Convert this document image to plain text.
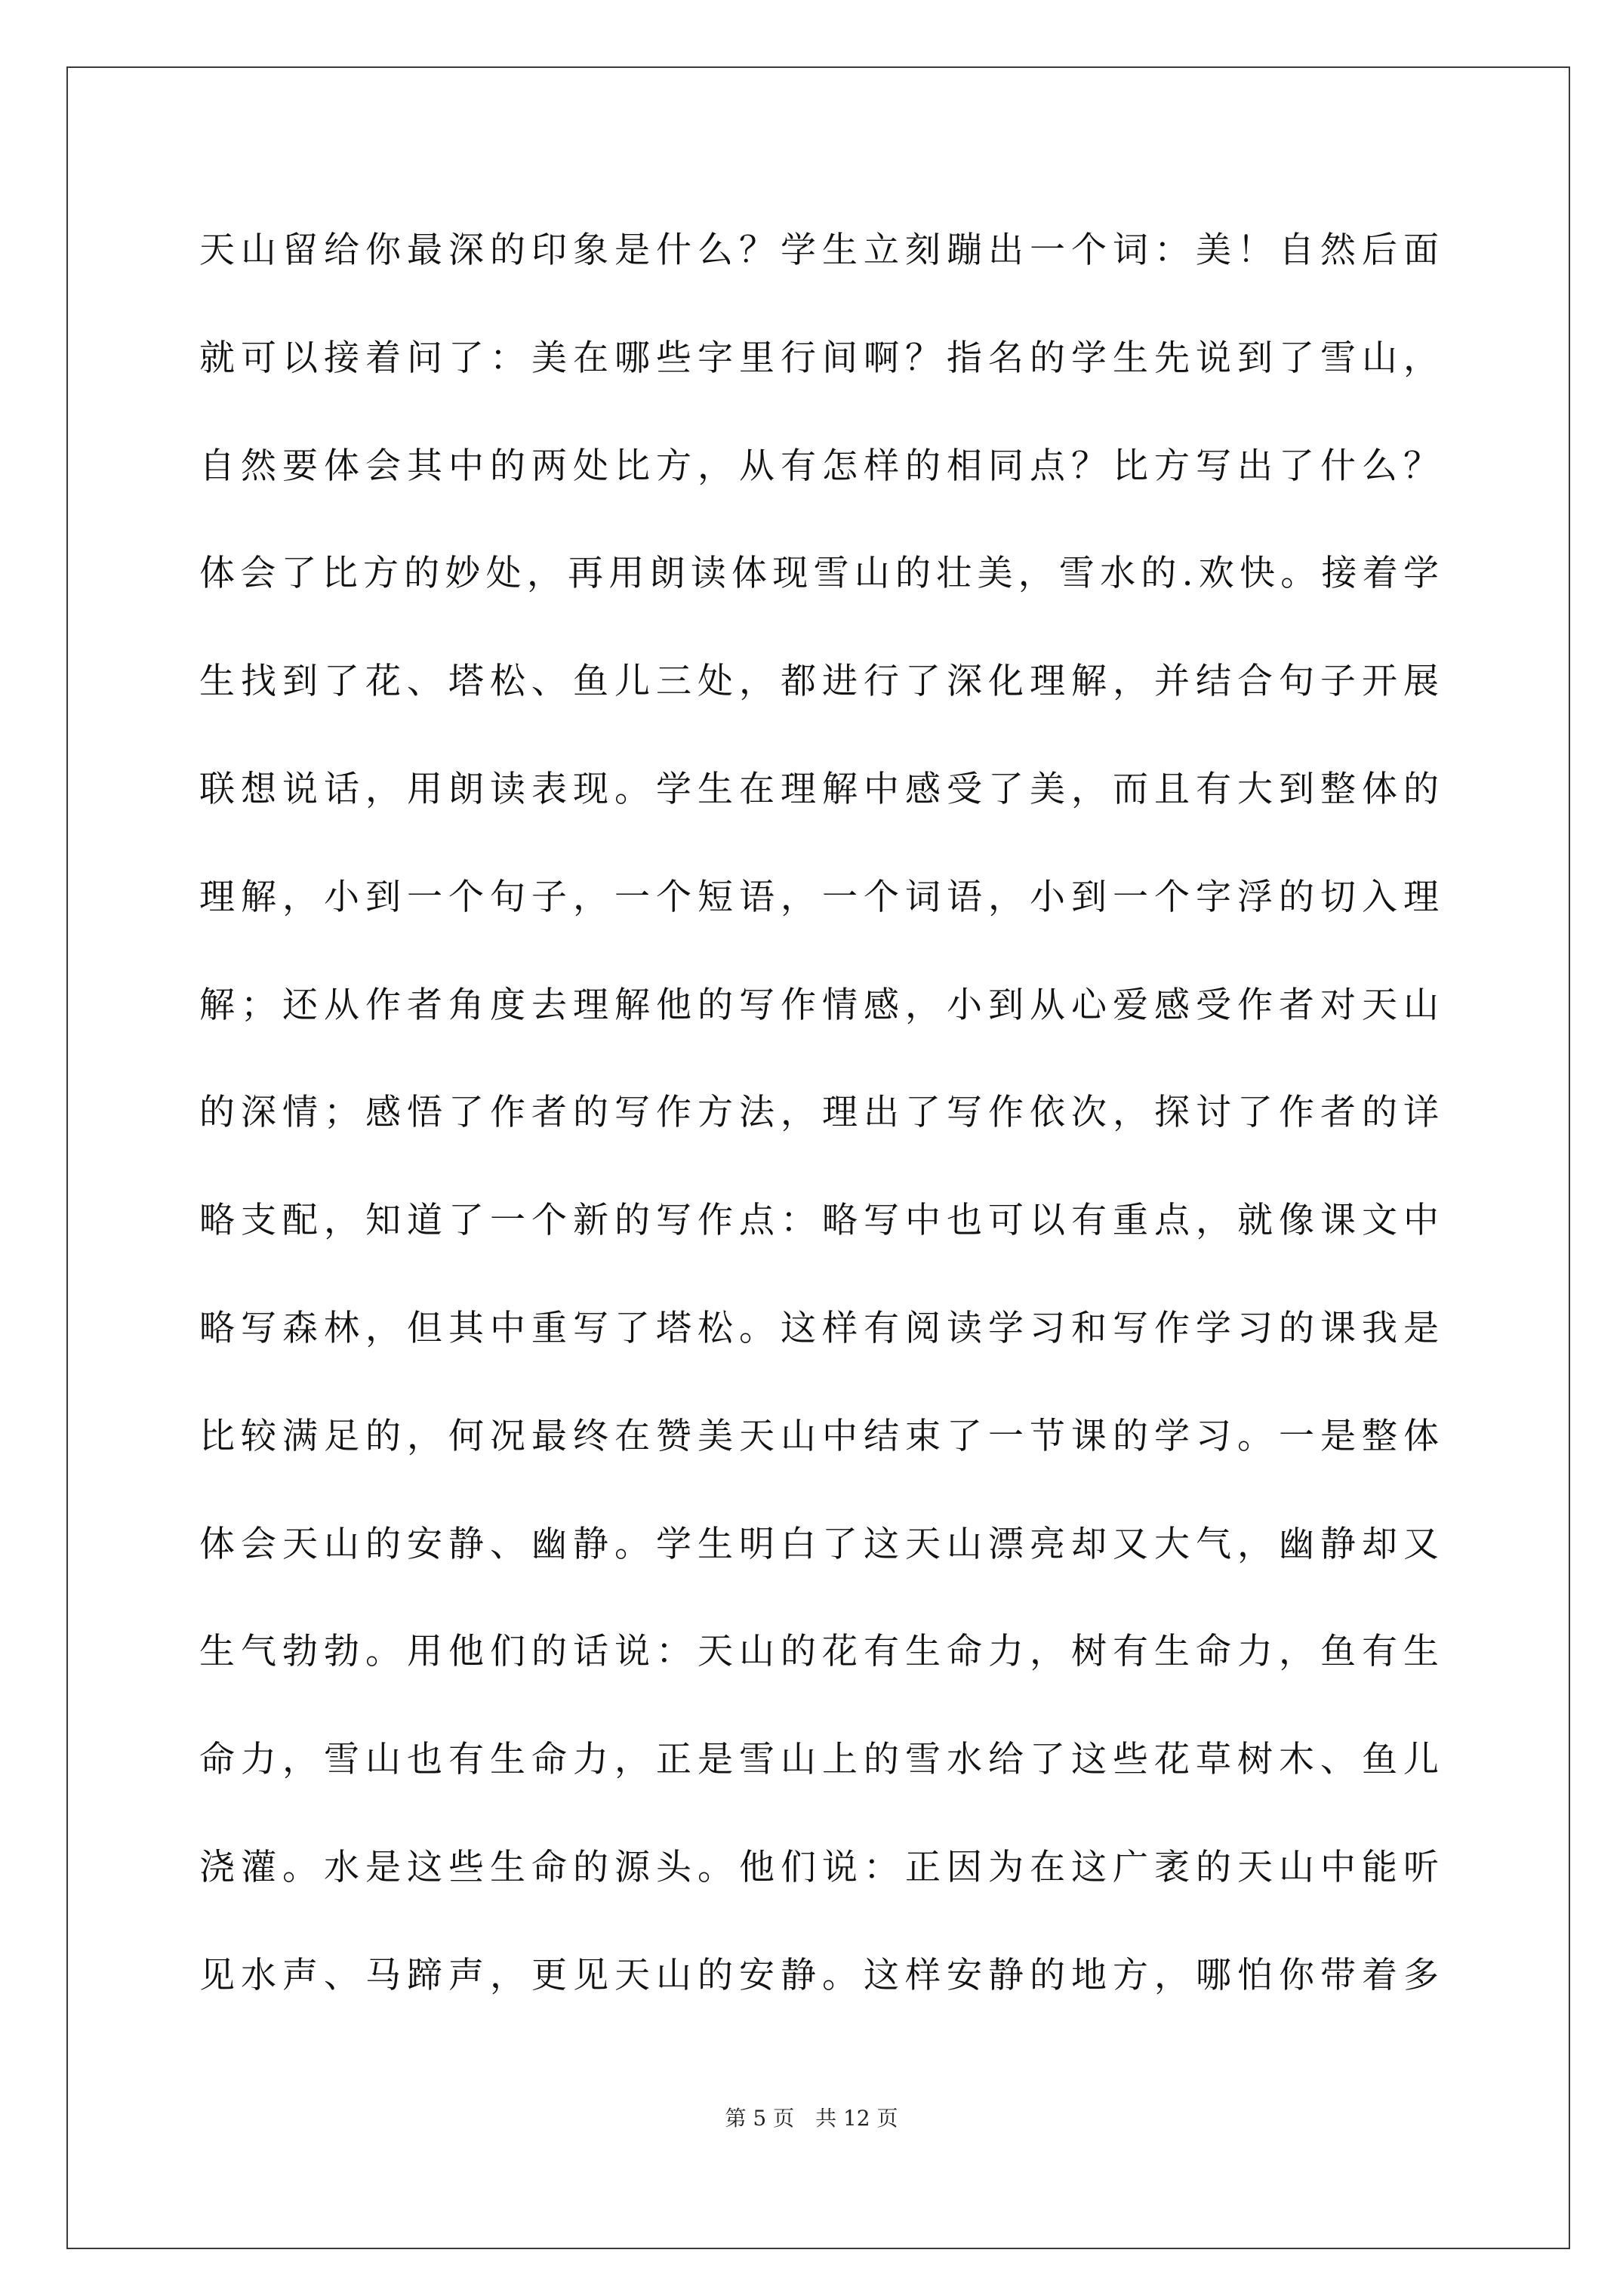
天山留给你最深的印象是什么？学生立刻蹦出一个词：美！自然后面
就可以接着问了：美在哪些字里行间啊？指名的学生先说到了雪山，
自然要体会其中的两处比方，从有怎样的相同点？比方写出了什么？
体会了比方的妙处，再用朗读体现雪山的壮美，雪水的.欢快。接着学
生找到了花、塔松、鱼儿三处，都进行了深化理解，并结合句子开展
联想说话，用朗读表现。学生在理解中感受了美，而且有大到整体的
理解，小到一个句子，一个短语，一个词语，小到一个字浮的切入理
解；还从作者角度去理解他的写作情感，小到从心爱感受作者对天山
的深情；感悟了作者的写作方法，理出了写作依次，探讨了作者的详
略支配，知道了一个新的写作点：略写中也可以有重点，就像课文中
略写森林，但其中重写了塔松。这样有阅读学习和写作学习的课我是
比较满足的，何况最终在赞美天山中结束了一节课的学习。一是整体
体会天山的安静、幽静。学生明白了这天山漂亮却又大气，幽静却又
生气勃勃。用他们的话说：天山的花有生命力，树有生命力，鱼有生
命力，雪山也有生命力，正是雪山上的雪水给了这些花草树木、鱼儿
浇灌。水是这些生命的源头。他们说：正因为在这广袤的天山中能听
见水声、马蹄声，更见天山的安静。这样安静的地方，哪怕你带着多
第 5 页　共 12 页
